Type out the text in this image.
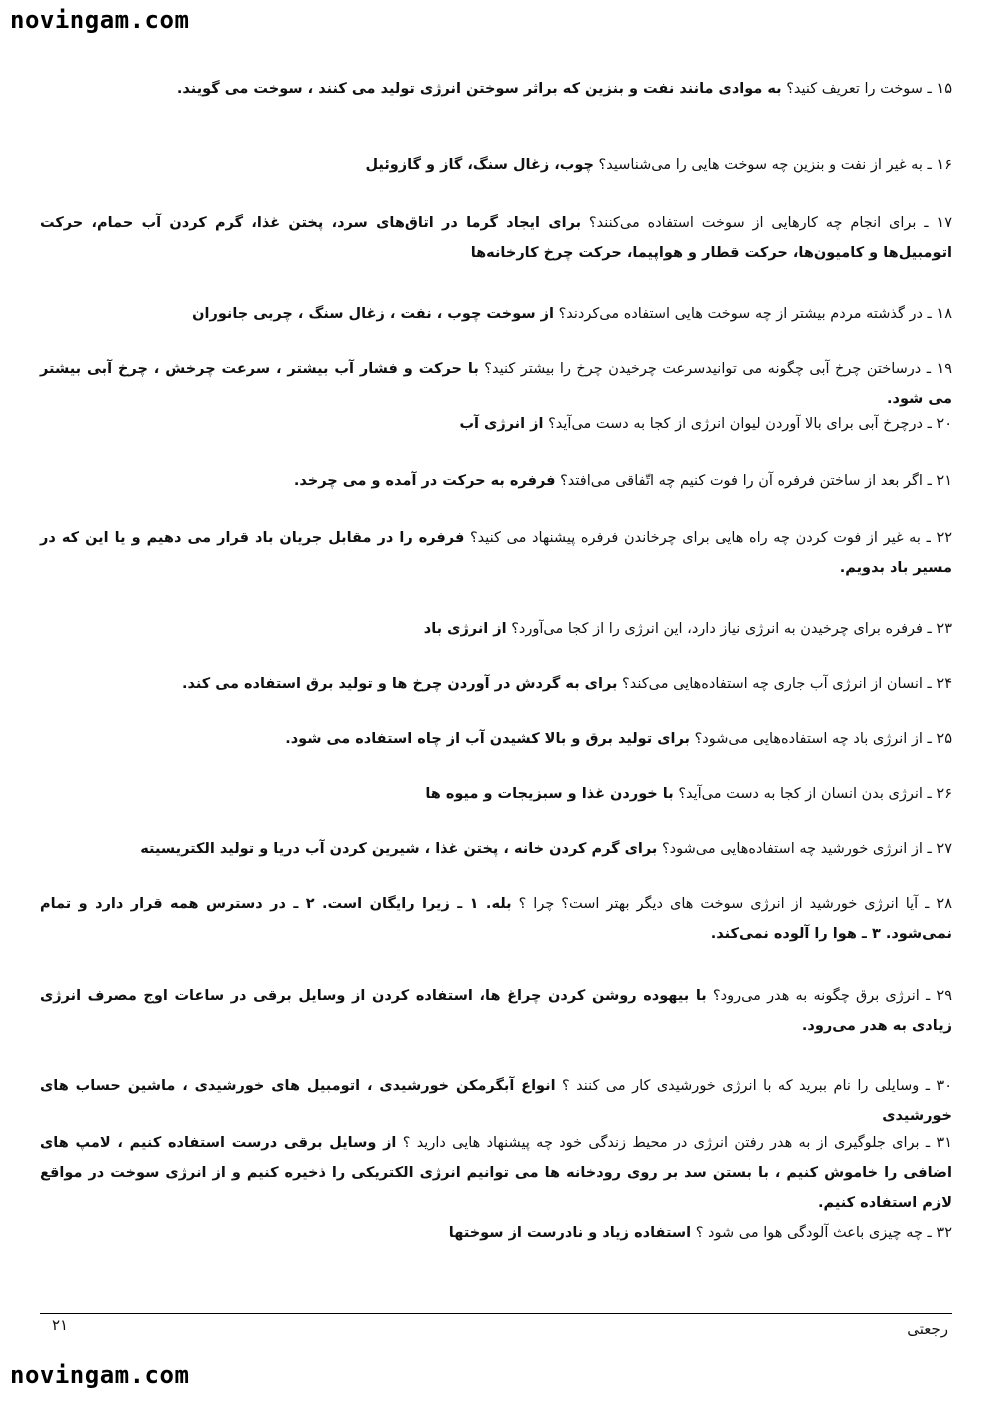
novingam.com
۱۵ ـ سوخت را تعریف کنید؟ به موادی مانند نفت و بنزین که براثر سوختن انرژی تولید می کنند ، سوخت می گویند.
۱۶ ـ به غیر از نفت و بنزین چه سوخت هایی را می‌شناسید؟ چوب، زغال سنگ، گاز و گازوئیل
۱۷ ـ برای انجام چه کارهایی از سوخت استفاده می‌کنند؟ برای ایجاد گرما در اتاق‌های سرد، پختن غذا، گرم کردن آب حمام، حرکت اتومبیل‌ها و کامیون‌ها، حرکت قطار و هواپیما، حرکت چرخ کارخانه‌ها
۱۸ ـ در گذشته مردم بیشتر از چه سوخت هایی استفاده می‌کردند؟ از سوخت چوب ، نفت ، زغال سنگ ، چربی جانوران
۱۹ ـ درساختن چرخ آبی چگونه می توانیدسرعت چرخیدن چرخ را بیشتر کنید؟ با حرکت و فشار آب بیشتر ، سرعت چرخش ، چرخ آبی بیشتر می شود.
۲۰ ـ درچرخ آبی برای بالا آوردن لیوان انرژی از کجا به دست می‌آید؟ از انرژی آب
۲۱ ـ اگر بعد از ساختن فرفره آن را فوت کنیم چه اتّفاقی می‌افتد؟ فرفره به حرکت در آمده و می چرخد.
۲۲ ـ به غیر از فوت کردن چه راه هایی برای چرخاندن فرفره پیشنهاد می کنید؟ فرفره را در مقابل جریان باد قرار می دهیم و یا این که در مسیر باد بدویم.
۲۳ ـ فرفره برای چرخیدن به انرژی نیاز دارد، این انرژی را از کجا می‌آورد؟ از انرژی باد
۲۴ ـ انسان از انرژی آب جاری چه استفاده‌هایی می‌کند؟ برای به گردش در آوردن چرخ ها و تولید برق استفاده می کند.
۲۵ ـ از انرژی باد چه استفاده‌هایی می‌شود؟ برای تولید برق و بالا کشیدن آب از چاه استفاده می شود.
۲۶ ـ انرژی بدن انسان از کجا به دست می‌آید؟ با خوردن غذا و سبزیجات و میوه ها
۲۷ ـ از انرژی خورشید چه استفاده‌هایی می‌شود؟ برای گرم کردن خانه ، پختن غذا ، شیرین کردن آب دریا و تولید الکتریسیته
۲۸ ـ آیا انرژی خورشید از انرژی سوخت های دیگر بهتر است؟ چرا ؟ بله. ۱ ـ زیرا رایگان است. ۲ ـ در دسترس همه قرار دارد و تمام نمی‌شود. ۳ ـ هوا را آلوده نمی‌کند.
۲۹ ـ انرژی برق چگونه به هدر می‌رود؟ با بیهوده روشن کردن چراغ ها، استفاده کردن از وسایل برقی در ساعات اوج مصرف انرژی زیادی به هدر می‌رود.
۳۰ ـ وسایلی را نام ببرید که با انرژی خورشیدی کار می کنند ؟ انواع آبگرمکن خورشیدی ، اتومبیل های خورشیدی ، ماشین حساب های خورشیدی
۳۱ ـ برای جلوگیری از به هدر رفتن انرژی در محیط زندگی خود چه پیشنهاد هایی دارید ؟ از وسایل برقی درست استفاده کنیم ، لامپ های اضافی را خاموش کنیم ، با بستن سد بر روی رودخانه ها می توانیم انرژی الکتریکی را ذخیره کنیم و از انرژی سوخت در مواقع لازم استفاده کنیم.
۳۲ ـ چه چیزی باعث آلودگی هوا می شود ؟ استفاده زیاد و نادرست از سوختها
۲۱	رجعتی
novingam.com
